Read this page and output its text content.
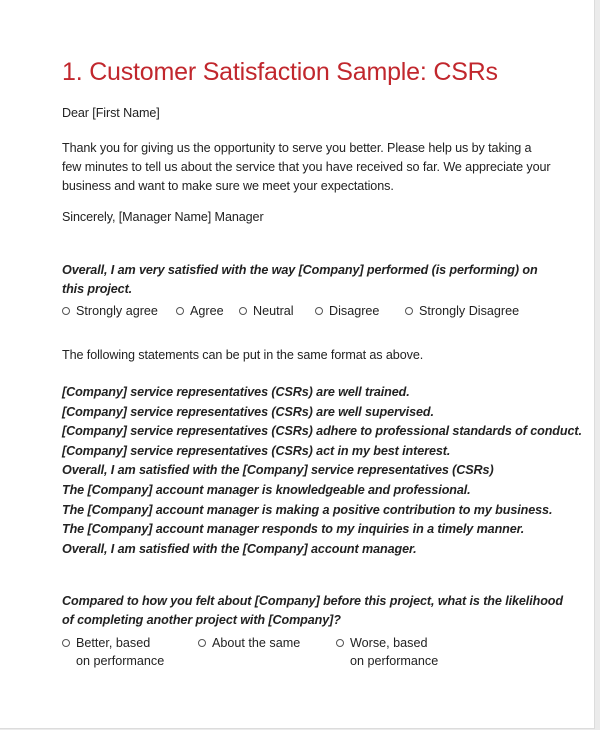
1. Customer Satisfaction Sample: CSRs

Dear [First Name]

Thank you for giving us the opportunity to serve you better. Please help us by taking a
few minutes to tell us about the service that you have received so far. We appreciate your
business and want to make sure we meet your expectations.

Sincerely, [Manager Name] Manager

Overall, I am very satisfied with the way [Company] performed (is performing) on
this project.
Strongly agree	Agree Neutral	Disagree	Strongly Disagree

The following statements can be put in the same format as above.

[Company] service representatives (CSRs) are well trained.
[Company] service representatives (CSRs) are well supervised.
[Company] service representatives (CSRs) adhere to professional standards of conduct.
[Company] service representatives (CSRs) act in my best interest.
Overall, I am satisfied with the [Company] service representatives (CSRs)
The [Company] account manager is knowledgeable and professional.
The [Company] account manager is making a positive contribution to my business.
The [Company] account manager responds to my inquiries in a timely manner.
Overall, I am satisfied with the [Company] account manager.
Compared to how you felt about [Company] before this project, what is the likelihood
of completing another project with [Company]?
Better, based
on performance
About the same	Worse, based
on performance
